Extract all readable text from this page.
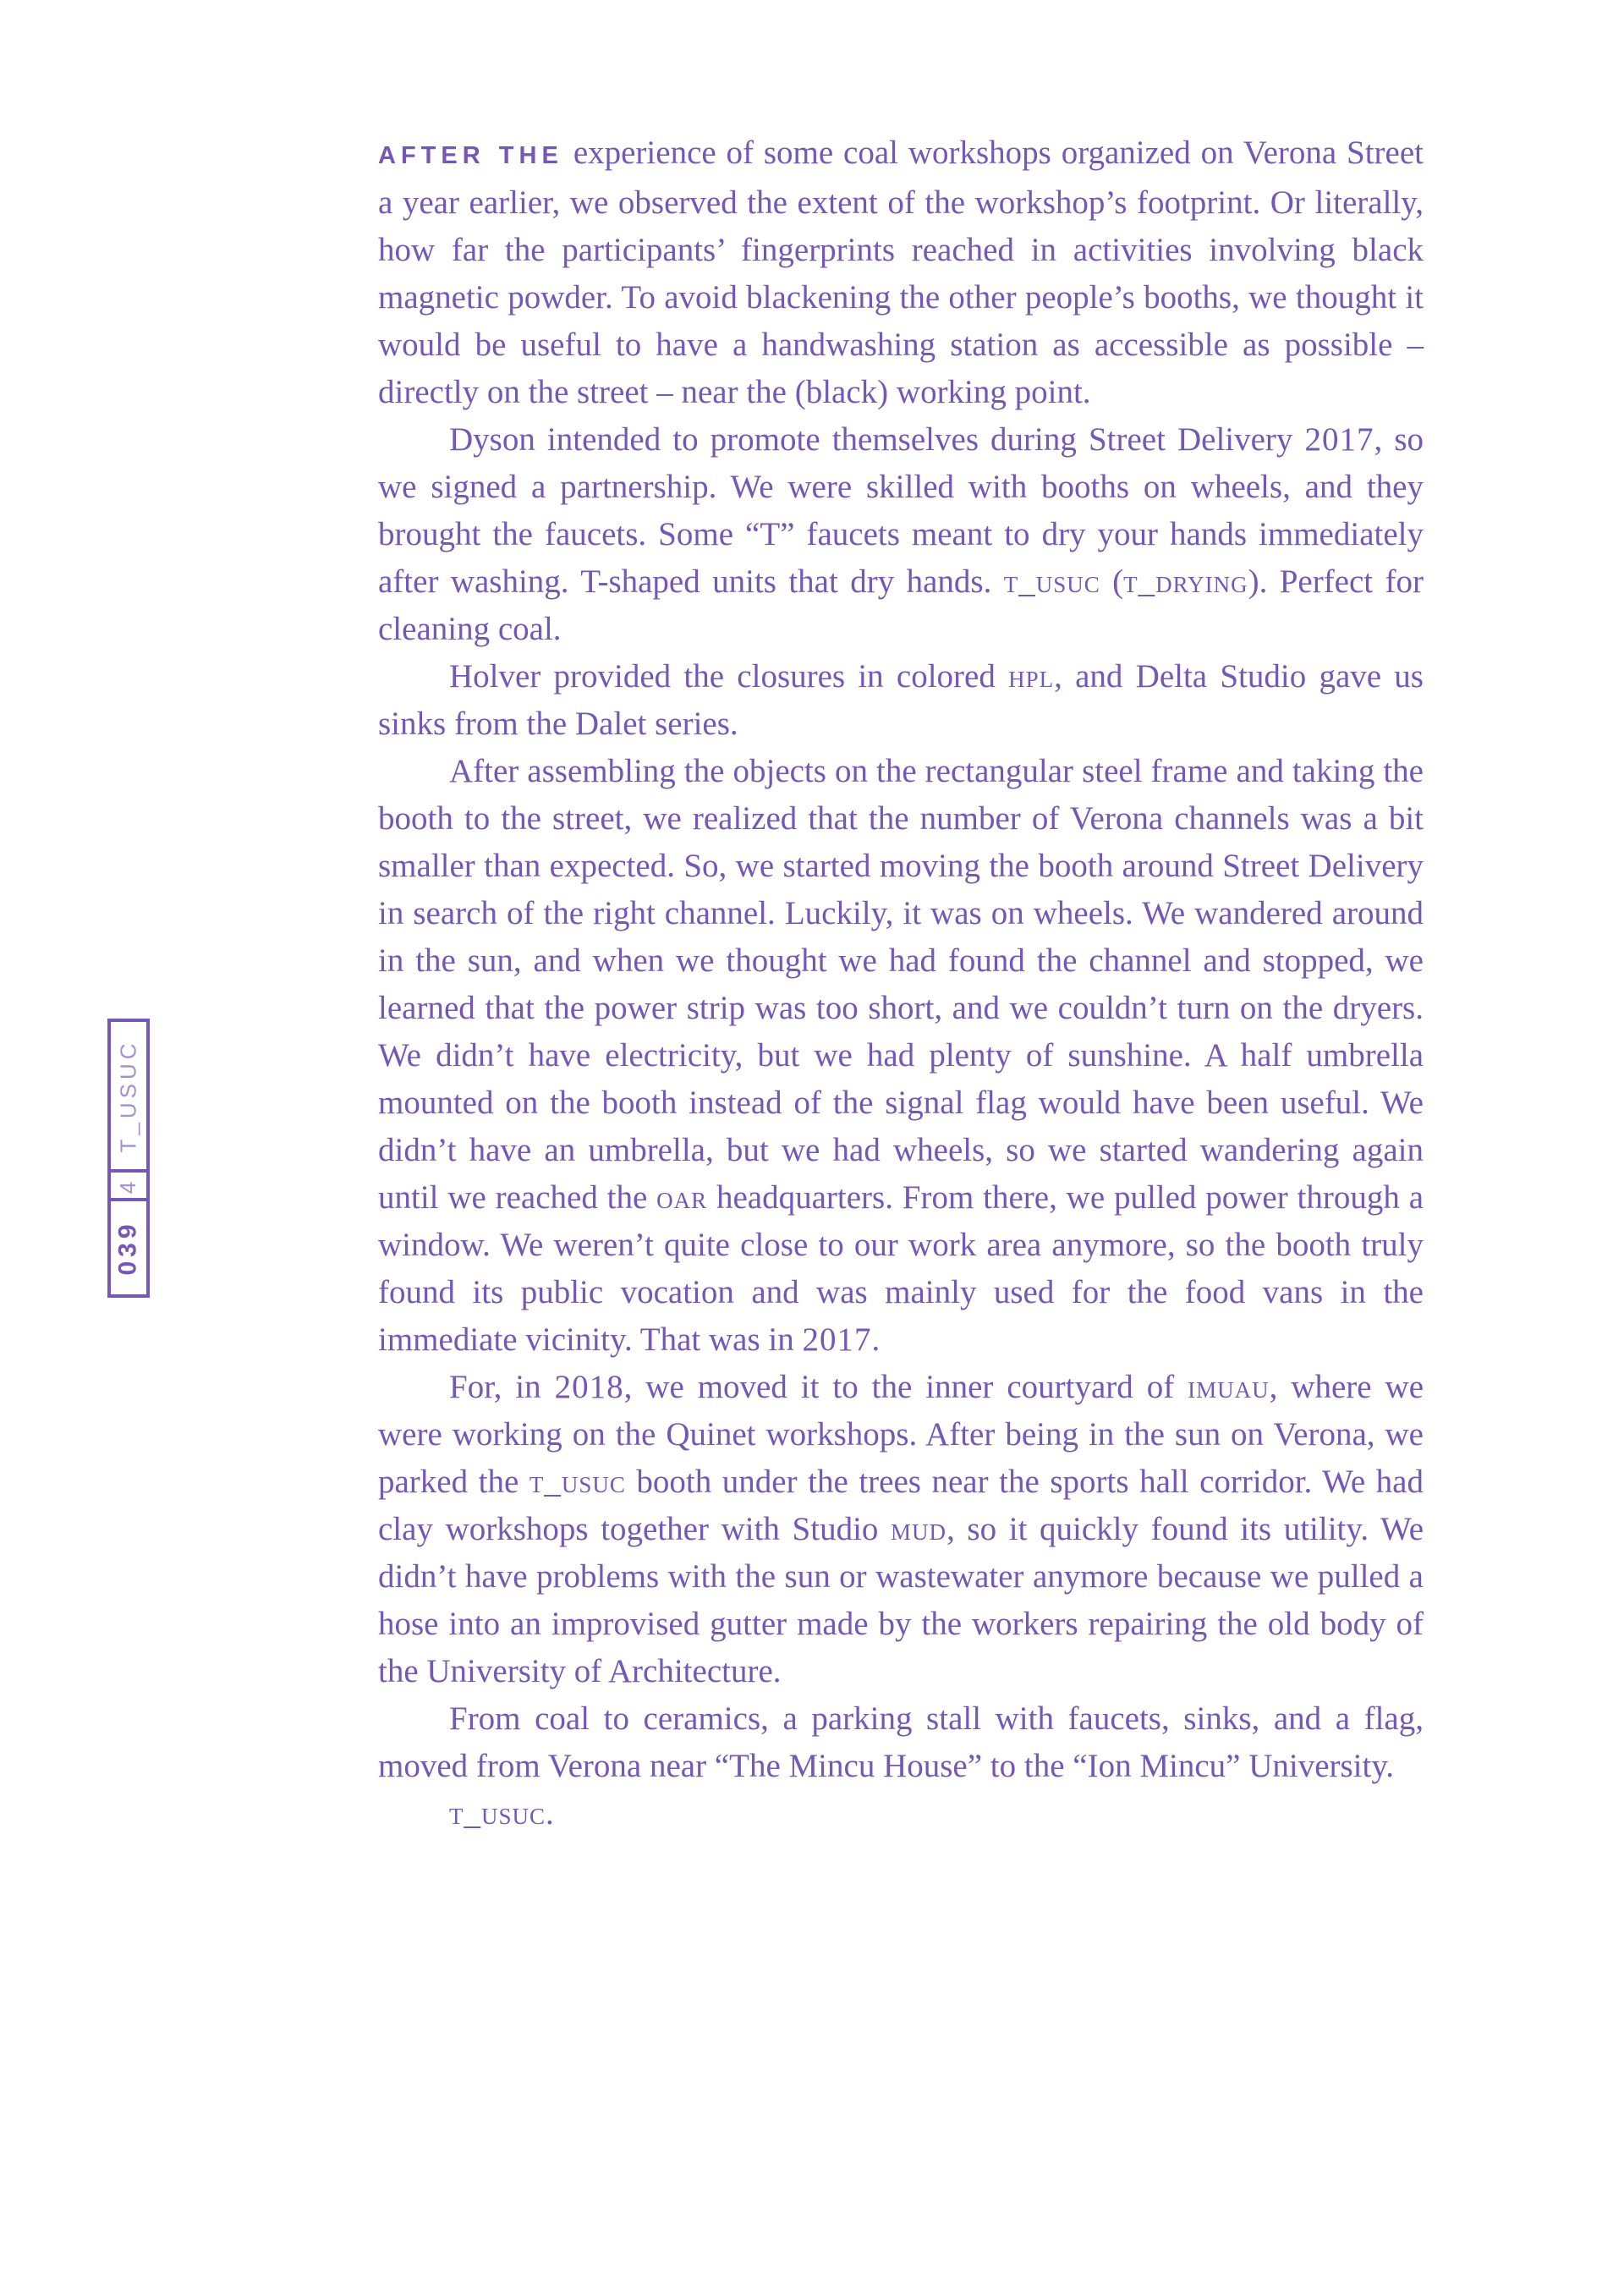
039
4
T_USUC

AFTER THE experience of some coal workshops organized on Verona Street a year earlier, we observed the extent of the workshop’s footprint. Or literally, how far the participants’ fingerprints reached in activities involving black magnetic powder. To avoid blackening the other people’s booths, we thought it would be useful to have a handwashing station as accessible as possible – directly on the street – near the (black) working point.

Dyson intended to promote themselves during Street Delivery 2017, so we signed a partnership. We were skilled with booths on wheels, and they brought the faucets. Some “T” faucets meant to dry your hands immediately after washing. T-shaped units that dry hands. t_usuc (t_drying). Perfect for cleaning coal.

Holver provided the closures in colored hpl, and Delta Studio gave us sinks from the Dalet series.

After assembling the objects on the rectangular steel frame and taking the booth to the street, we realized that the number of Verona channels was a bit smaller than expected. So, we started moving the booth around Street Delivery in search of the right channel. Luckily, it was on wheels. We wandered around in the sun, and when we thought we had found the channel and stopped, we learned that the power strip was too short, and we couldn’t turn on the dryers. We didn’t have electricity, but we had plenty of sunshine. A half umbrella mounted on the booth instead of the signal flag would have been useful. We didn’t have an umbrella, but we had wheels, so we started wandering again until we reached the oar headquarters. From there, we pulled power through a window. We weren’t quite close to our work area anymore, so the booth truly found its public vocation and was mainly used for the food vans in the immediate vicinity. That was in 2017.

For, in 2018, we moved it to the inner courtyard of imuau, where we were working on the Quinet workshops. After being in the sun on Verona, we parked the t_usuc booth under the trees near the sports hall corridor. We had clay workshops together with Studio mud, so it quickly found its utility. We didn’t have problems with the sun or wastewater anymore because we pulled a hose into an improvised gutter made by the workers repairing the old body of the University of Architecture.

From coal to ceramics, a parking stall with faucets, sinks, and a flag, moved from Verona near “The Mincu House” to the “Ion Mincu” University.

t_usuc.
